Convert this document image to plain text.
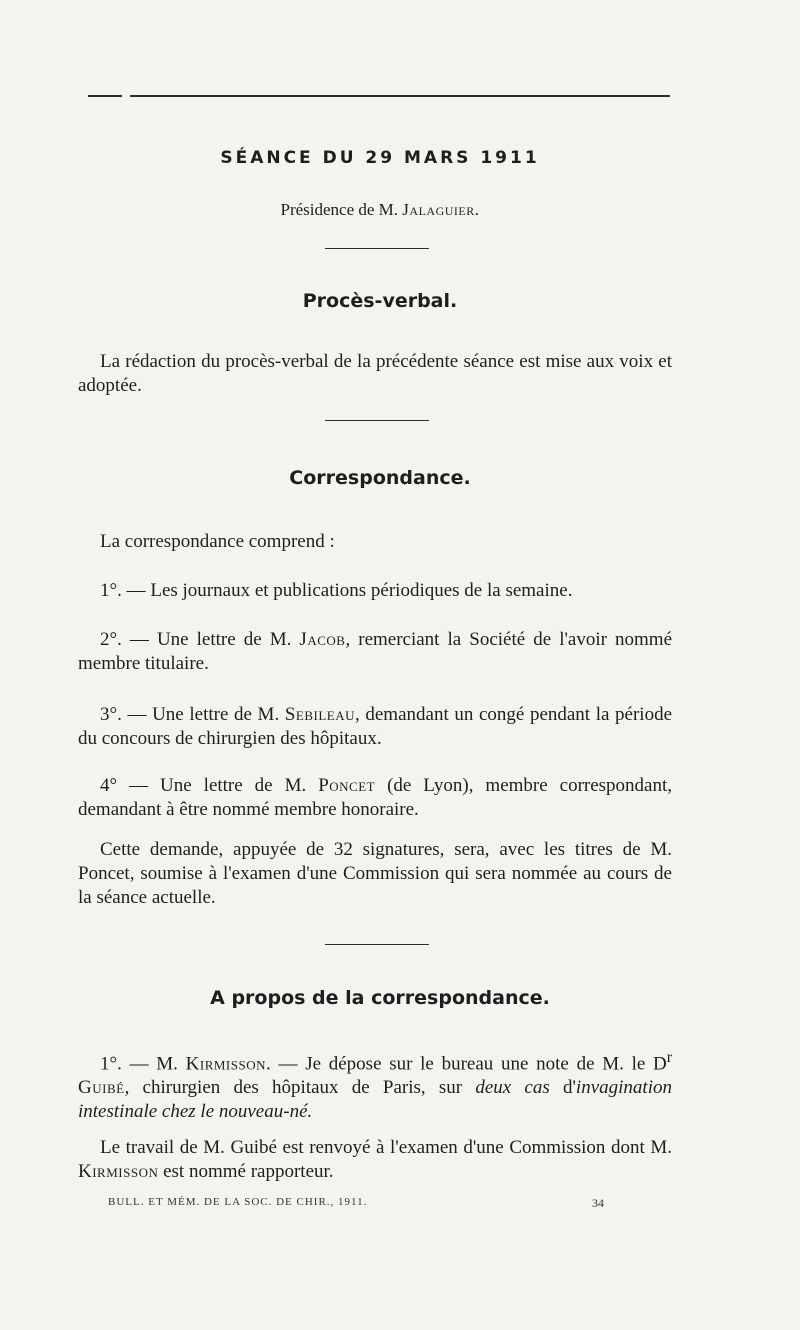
SÉANCE DU 29 MARS 1911
Présidence de M. Jalaguier.
Procès-verbal.
La rédaction du procès-verbal de la précédente séance est mise aux voix et adoptée.
Correspondance.
La correspondance comprend :
1°. — Les journaux et publications périodiques de la semaine.
2°. — Une lettre de M. Jacob, remerciant la Société de l'avoir nommé membre titulaire.
3°. — Une lettre de M. Sebileau, demandant un congé pendant la période du concours de chirurgien des hôpitaux.
4° — Une lettre de M. Poncet (de Lyon), membre correspondant, demandant à être nommé membre honoraire.
Cette demande, appuyée de 32 signatures, sera, avec les titres de M. Poncet, soumise à l'examen d'une Commission qui sera nommée au cours de la séance actuelle.
A propos de la correspondance.
1°. — M. Kirmisson. — Je dépose sur le bureau une note de M. le $D^r$ Guibé, chirurgien des hôpitaux de Paris, sur deux cas d'invagination intestinale chez le nouveau-né.
Le travail de M. Guibé est renvoyé à l'examen d'une Commission dont M. Kirmisson est nommé rapporteur.
BULL. ET MÉM. DE LA SOC. DE CHIR., 1911.	34
